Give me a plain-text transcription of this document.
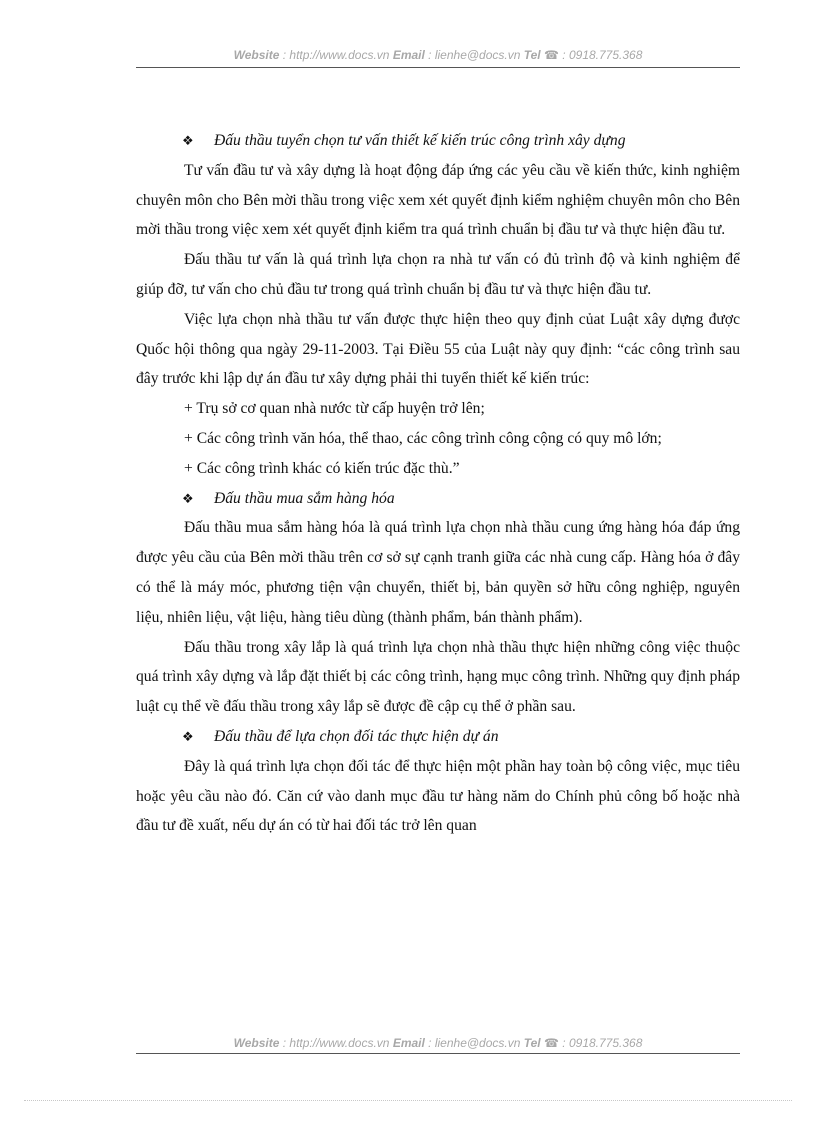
Website : http://www.docs.vn Email : lienhe@docs.vn Tel ☎ : 0918.775.368
❖ Đấu thầu tuyển chọn tư vấn thiết kế kiến trúc công trình xây dựng

Tư vấn đầu tư và xây dựng là hoạt động đáp ứng các yêu cầu về kiến thức, kinh nghiệm chuyên môn cho Bên mời thầu trong việc xem xét quyết định kiểm nghiệm chuyên môn cho Bên mời thầu trong việc xem xét quyết định kiểm tra quá trình chuẩn bị đầu tư và thực hiện đầu tư.

Đấu thầu tư vấn là quá trình lựa chọn ra nhà tư vấn có đủ trình độ và kinh nghiệm để giúp đỡ, tư vấn cho chủ đầu tư trong quá trình chuẩn bị đầu tư và thực hiện đầu tư.

Việc lựa chọn nhà thầu tư vấn được thực hiện theo quy định củat Luật xây dựng được Quốc hội thông qua ngày 29-11-2003. Tại Điều 55 của Luật này quy định: “các công trình sau đây trước khi lập dự án đầu tư xây dựng phải thi tuyển thiết kế kiến trúc:

+ Trụ sở cơ quan nhà nước từ cấp huyện trở lên;

+ Các công trình văn hóa, thể thao, các công trình công cộng có quy mô lớn;

+ Các công trình khác có kiến trúc đặc thù.”

❖ Đấu thầu mua sắm hàng hóa

Đấu thầu mua sắm hàng hóa là quá trình lựa chọn nhà thầu cung ứng hàng hóa đáp ứng được yêu cầu của Bên mời thầu trên cơ sở sự cạnh tranh giữa các nhà cung cấp. Hàng hóa ở đây có thể là máy móc, phương tiện vận chuyển, thiết bị, bản quyền sở hữu công nghiệp, nguyên liệu, nhiên liệu, vật liệu, hàng tiêu dùng (thành phẩm, bán thành phẩm).

Đấu thầu trong xây lắp là quá trình lựa chọn nhà thầu thực hiện những công việc thuộc quá trình xây dựng và lắp đặt thiết bị các công trình, hạng mục công trình. Những quy định pháp luật cụ thể về đấu thầu trong xây lắp sẽ được đề cập cụ thể ở phần sau.

❖ Đấu thầu để lựa chọn đối tác thực hiện dự án

Đây là quá trình lựa chọn đối tác để thực hiện một phần hay toàn bộ công việc, mục tiêu hoặc yêu cầu nào đó. Căn cứ vào danh mục đầu tư hàng năm do Chính phủ công bố hoặc nhà đầu tư đề xuất, nếu dự án có từ hai đối tác trở lên quan

Website : http://www.docs.vn Email : lienhe@docs.vn Tel ☎ : 0918.775.368
